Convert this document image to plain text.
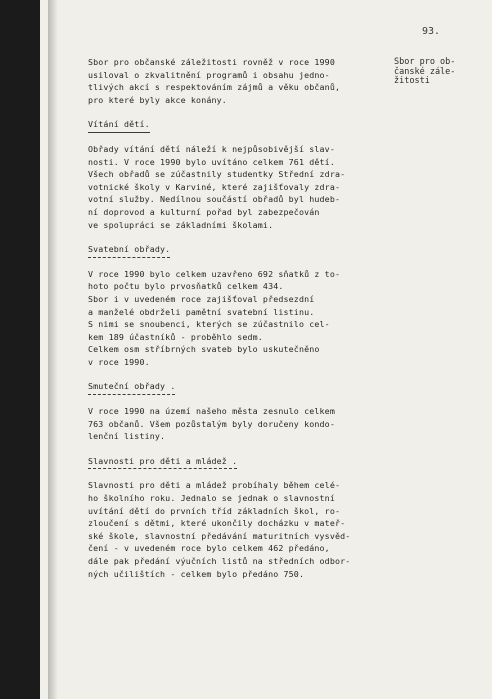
93.
Sbor pro ob-
čanské zále-
žitosti
Sbor pro občanské záležitosti rovněž v roce 1990
usiloval o zkvalitnění programů i obsahu jedno-
tlivých akcí s respektováním zájmů a věku občanů,
pro které byly akce konány.
Vítání dětí.
Obřady vítání dětí náleží k nejpůsobivější slav-
nosti. V roce 1990 bylo uvítáno celkem 761 dětí.
Všech obřadů se zúčastnily studentky Střední zdra-
votnické školy v Karviné, které zajišťovaly zdra-
votní služby. Nedílnou součástí obřadů byl hudeb-
ní doprovod a kulturní pořad byl zabezpečován
ve spolupráci se základními školami.
Svatební obřady.
V roce 1990 bylo celkem uzavřeno 692 sňatků z to-
hoto počtu bylo prvosňatků celkem 434.
Sbor i v uvedeném roce zajišťoval předsezdní
a manželé obdrželi pamětní svatební listinu.
S nimi se snoubenci, kterých se zúčastnilo cel-
kem 189 účastníků - proběhlo sedm.
Celkem osm stříbrných svateb bylo uskutečněno
v roce 1990.
Smuteční obřady .
V roce 1990 na území našeho města zesnulo celkem
763 občanů. Všem pozůstalým byly doručeny kondo-
lenční listiny.
Slavnosti pro děti a mládež .
Slavnosti pro děti a mládež probíhaly během celé-
ho školního roku. Jednalo se jednak o slavnostní
uvítání dětí do prvních tříd základních škol, ro-
zloučení s dětmi, které ukončily docházku v mateř-
ské škole, slavnostní předávání maturitních vysvěd-
čení - v uvedeném roce bylo celkem 462 předáno,
dále pak předání výučních listů na středních odbor-
ných učilištích - celkem bylo předáno 750.
